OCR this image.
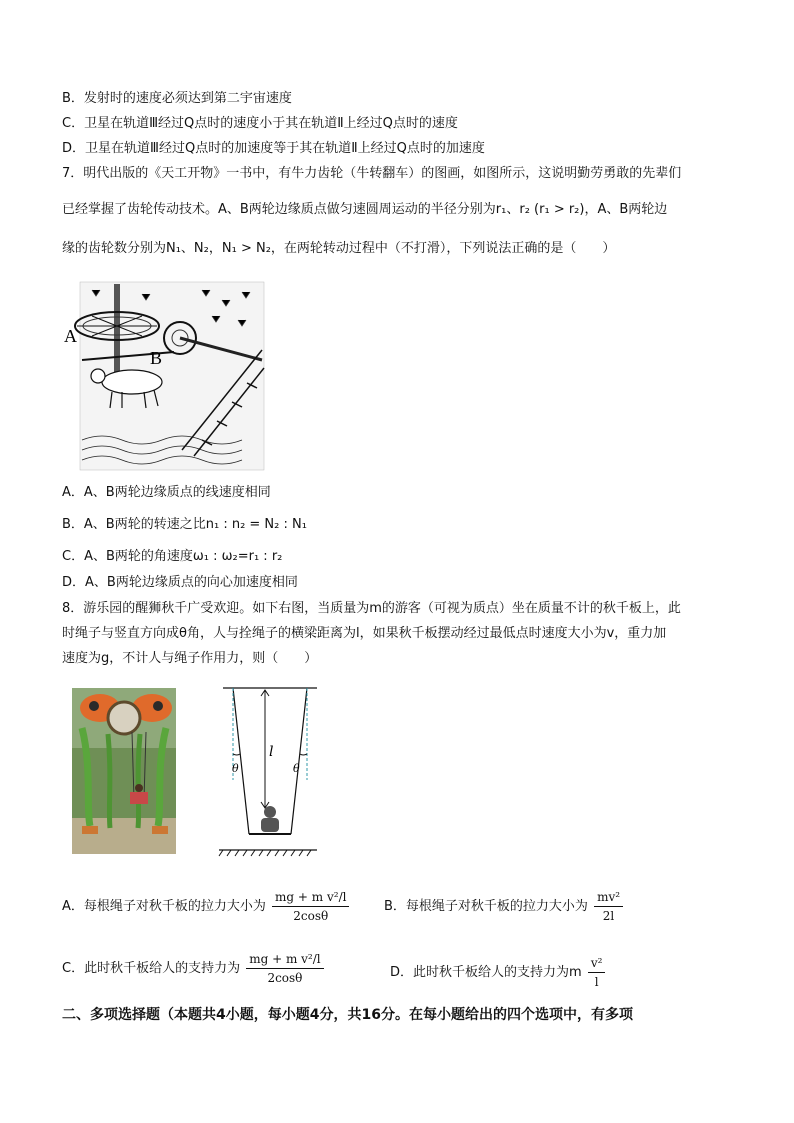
B．发射时的速度必须达到第二宇宙速度
C．卫星在轨道Ⅲ经过Q点时的速度小于其在轨道Ⅱ上经过Q点时的速度
D．卫星在轨道Ⅲ经过Q点时的加速度等于其在轨道Ⅱ上经过Q点时的加速度
7．明代出版的《天工开物》一书中，有牛力齿轮（牛转翻车）的图画，如图所示，这说明勤劳勇敢的先辈们
已经掌握了齿轮传动技术。A、B两轮边缘质点做匀速圆周运动的半径分别为r₁、r₂ (r₁ > r₂)，A、B两轮边
缘的齿轮数分别为N₁、N₂，N₁ > N₂，在两轮转动过程中（不打滑），下列说法正确的是（　　）
A
B
A．A、B两轮边缘质点的线速度相同
B．A、B两轮的转速之比n₁ : n₂ = N₂ : N₁
C．A、B两轮的角速度ω₁ : ω₂=r₁ : r₂
D．A、B两轮边缘质点的向心加速度相同
8．游乐园的醒狮秋千广受欢迎。如下右图，当质量为m的游客（可视为质点）坐在质量不计的秋千板上，此
时绳子与竖直方向成θ角，人与拴绳子的横梁距离为l，如果秋千板摆动经过最低点时速度大小为v，重力加
速度为g，不计人与绳子作用力，则（　　）
l
θ	θ
A．每根绳子对秋千板的拉力大小为 $\frac{\text{mg + m v²/l}}{2\cos\theta}$	B．每根绳子对秋千板的拉力大小为 $\frac{\text{mv²}}{2l}$
C．此时秋千板给人的支持力为 $\frac{\text{mg + m v²/l}}{2\cos\theta}$	D．此时秋千板给人的支持力为m $\frac{\text{v²}}{l}$
二、多项选择题（本题共4小题，每小题4分，共16分。在每小题给出的四个选项中，有多项
